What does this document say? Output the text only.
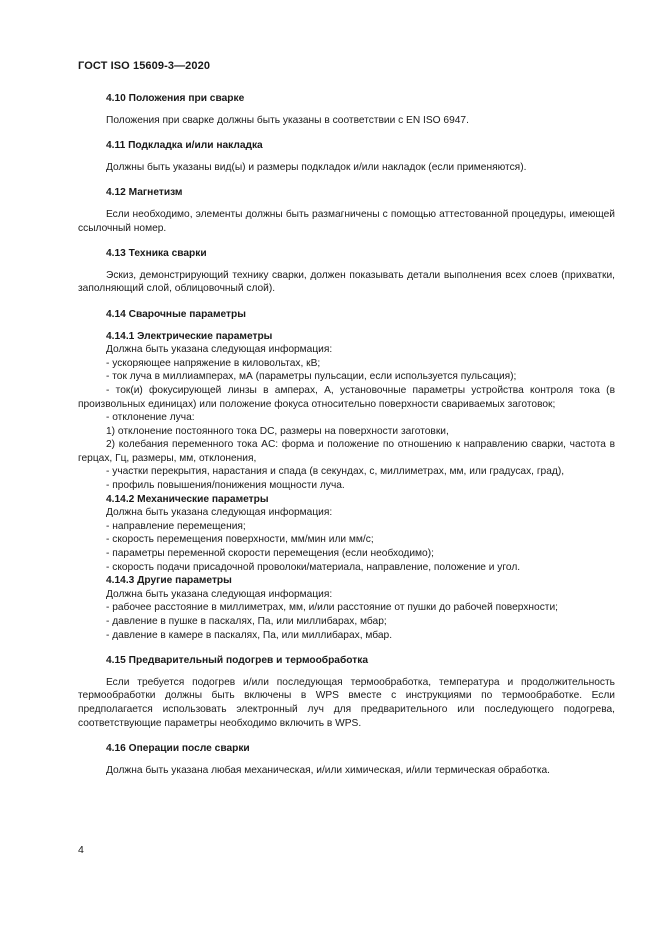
ГОСТ ISO 15609-3—2020
4.10 Положения при сварке

Положения при сварке должны быть указаны в соответствии с EN ISO 6947.

4.11 Подкладка и/или накладка

Должны быть указаны вид(ы) и размеры подкладок и/или накладок (если применяются).

4.12 Магнетизм

Если необходимо, элементы должны быть размагничены с помощью аттестованной процедуры, имеющей ссылочный номер.

4.13 Техника сварки

Эскиз, демонстрирующий технику сварки, должен показывать детали выполнения всех слоев (прихватки, заполняющий слой, облицовочный слой).

4.14 Сварочные параметры
4.14.1 Электрические параметры

Должна быть указана следующая информация:

- ускоряющее напряжение в киловольтах, кВ;

- ток луча в миллиамперах, мА (параметры пульсации, если используется пульсация);

- ток(и) фокусирующей линзы в амперах, А, установочные параметры устройства контроля тока (в произвольных единицах) или положение фокуса относительно поверхности свариваемых заготовок;

- отклонение луча:

1) отклонение постоянного тока DC, размеры на поверхности заготовки,

2) колебания переменного тока AC: форма и положение по отношению к направлению сварки, частота в герцах, Гц, размеры, мм, отклонения,

- участки перекрытия, нарастания и спада (в секундах, с, миллиметрах, мм, или градусах, град),

- профиль повышения/понижения мощности луча.

4.14.2 Механические параметры

Должна быть указана следующая информация:

- направление перемещения;

- скорость перемещения поверхности, мм/мин или мм/с;

- параметры переменной скорости перемещения (если необходимо);

- скорость подачи присадочной проволоки/материала, направление, положение и угол.

4.14.3 Другие параметры

Должна быть указана следующая информация:

- рабочее расстояние в миллиметрах, мм, и/или расстояние от пушки до рабочей поверхности;

- давление в пушке в паскалях, Па, или миллибарах, мбар;

- давление в камере в паскалях, Па, или миллибарах, мбар.

4.15 Предварительный подогрев и термообработка

Если требуется подогрев и/или последующая термообработка, температура и продолжительность термообработки должны быть включены в WPS вместе с инструкциями по термообработке. Если предполагается использовать электронный луч для предварительного или последующего подогрева, соответствующие параметры необходимо включить в WPS.

4.16 Операции после сварки

Должна быть указана любая механическая, и/или химическая, и/или термическая обработка.

4
